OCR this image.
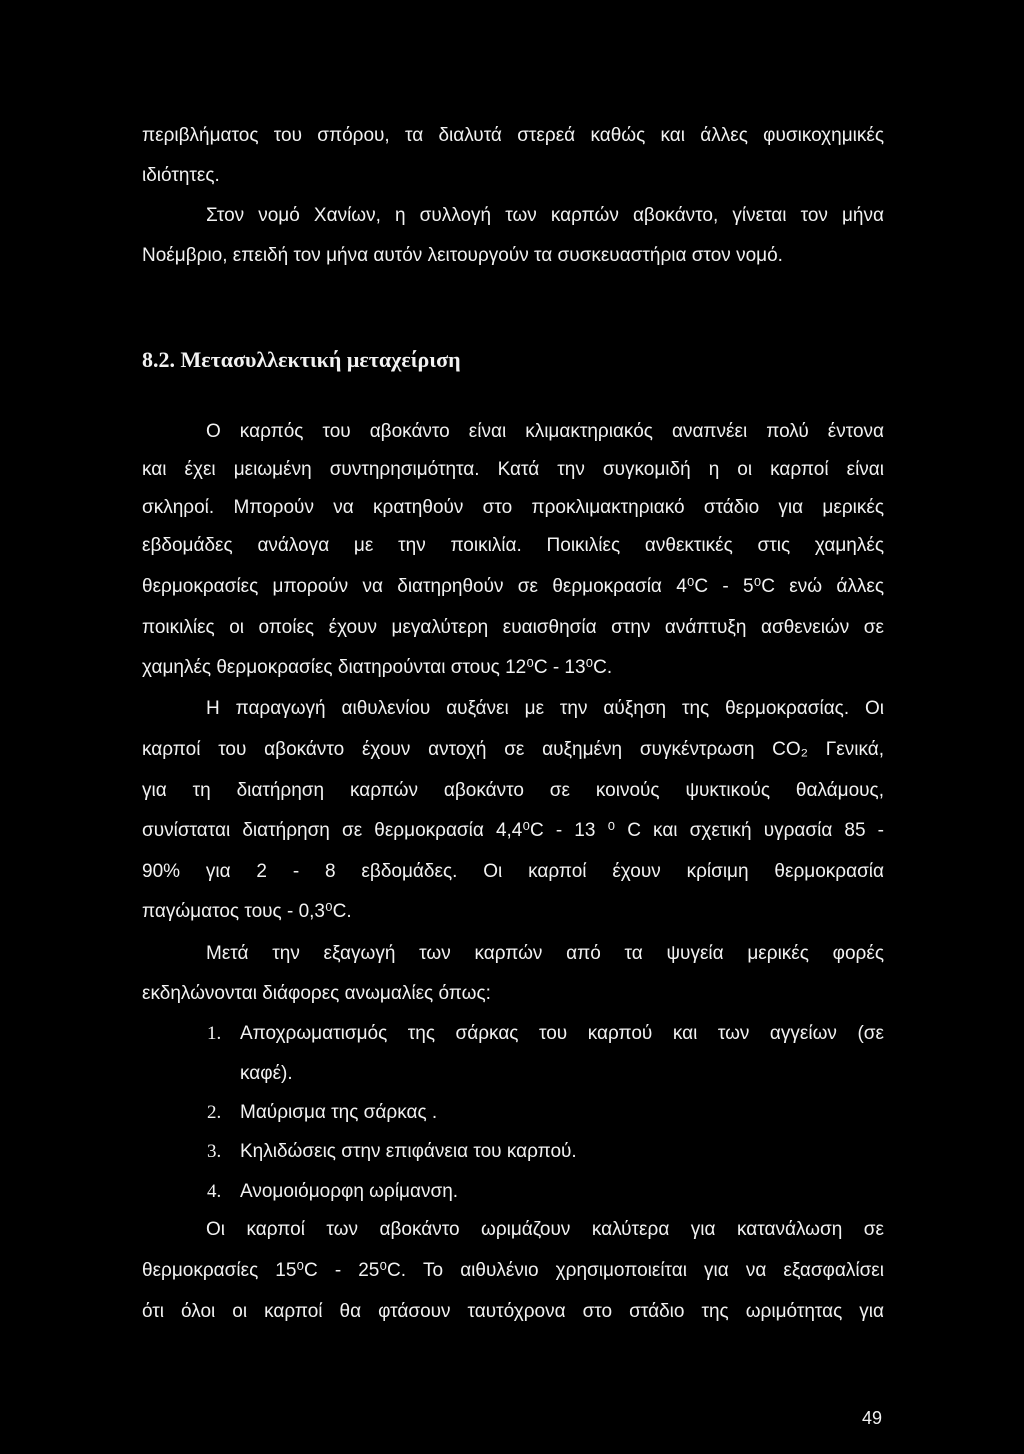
περιβλήματος του σπόρου, τα διαλυτά στερεά καθώς και άλλες φυσικοχημικές
ιδιότητες.
Στον νομό Χανίων, η συλλογή των καρπών αβοκάντο, γίνεται τον μήνα
Νοέμβριο, επειδή τον μήνα αυτόν λειτουργούν τα συσκευαστήρια στον νομό.
8.2. Μετασυλλεκτική μεταχείριση
Ο καρπός του αβοκάντο είναι κλιμακτηριακός αναπνέει πολύ έντονα
και έχει μειωμένη συντηρησιμότητα. Κατά την συγκομιδή η οι καρποί είναι
σκληροί. Μπορούν να κρατηθούν στο προκλιμακτηριακό στάδιο για μερικές
εβδομάδες ανάλογα με την ποικιλία. Ποικιλίες ανθεκτικές στις χαμηλές
θερμοκρασίες μπορούν να διατηρηθούν σε θερμοκρασία 4⁰C - 5⁰C ενώ άλλες
ποικιλίες οι οποίες έχουν μεγαλύτερη ευαισθησία στην ανάπτυξη ασθενειών σε
χαμηλές θερμοκρασίες διατηρούνται στους 12⁰C - 13⁰C.
Η παραγωγή αιθυλενίου αυξάνει με την αύξηση της θερμοκρασίας. Οι
καρποί του αβοκάντο έχουν αντοχή σε αυξημένη συγκέντρωση CO₂ Γενικά,
για τη διατήρηση καρπών αβοκάντο σε κοινούς ψυκτικούς θαλάμους,
συνίσταται διατήρηση σε θερμοκρασία 4,4⁰C - 13 ⁰ C και σχετική υγρασία 85 -
90% για 2 - 8 εβδομάδες. Οι καρποί έχουν κρίσιμη θερμοκρασία
παγώματος τους - 0,3⁰C.
Μετά την εξαγωγή των καρπών από τα ψυγεία μερικές φορές
εκδηλώνονται διάφορες ανωμαλίες όπως:
1. Αποχρωματισμός της σάρκας του καρπού και των αγγείων (σε
καφέ).
2. Μαύρισμα της σάρκας .
3. Κηλιδώσεις στην επιφάνεια του καρπού.
4. Ανομοιόμορφη ωρίμανση.
Οι καρποί των αβοκάντο ωριμάζουν καλύτερα για κατανάλωση σε
θερμοκρασίες 15⁰C - 25⁰C. Το αιθυλένιο χρησιμοποιείται για να εξασφαλίσει
ότι όλοι οι καρποί θα φτάσουν ταυτόχρονα στο στάδιο της ωριμότητας για
49
